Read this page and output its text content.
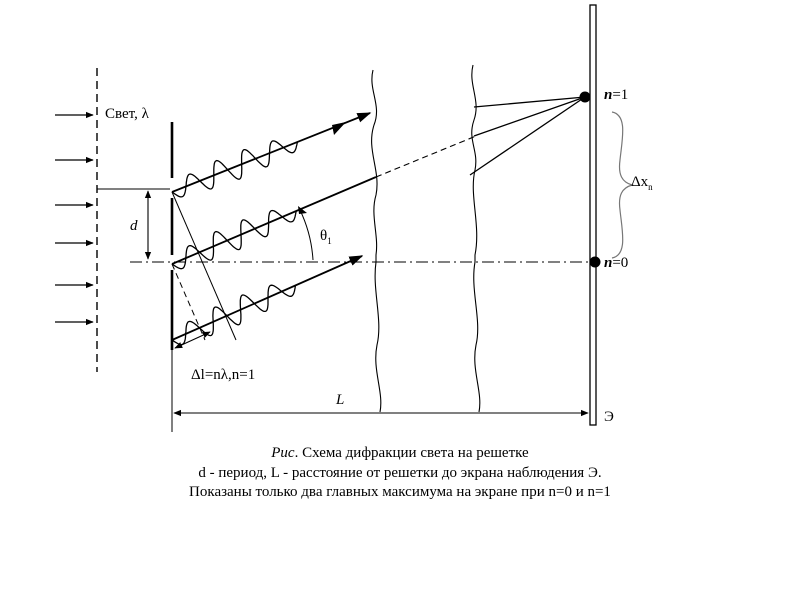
Свет, λ
d
$\theta_1$
Δl=nλ,n=1
L
n=1
n=0
$\Delta x_n$
Э
Рис. Схема дифракции света на решетке
d - период, L - расстояние от решетки до экрана наблюдения Э.
Показаны только два главных максимума на экране при n=0 и n=1
